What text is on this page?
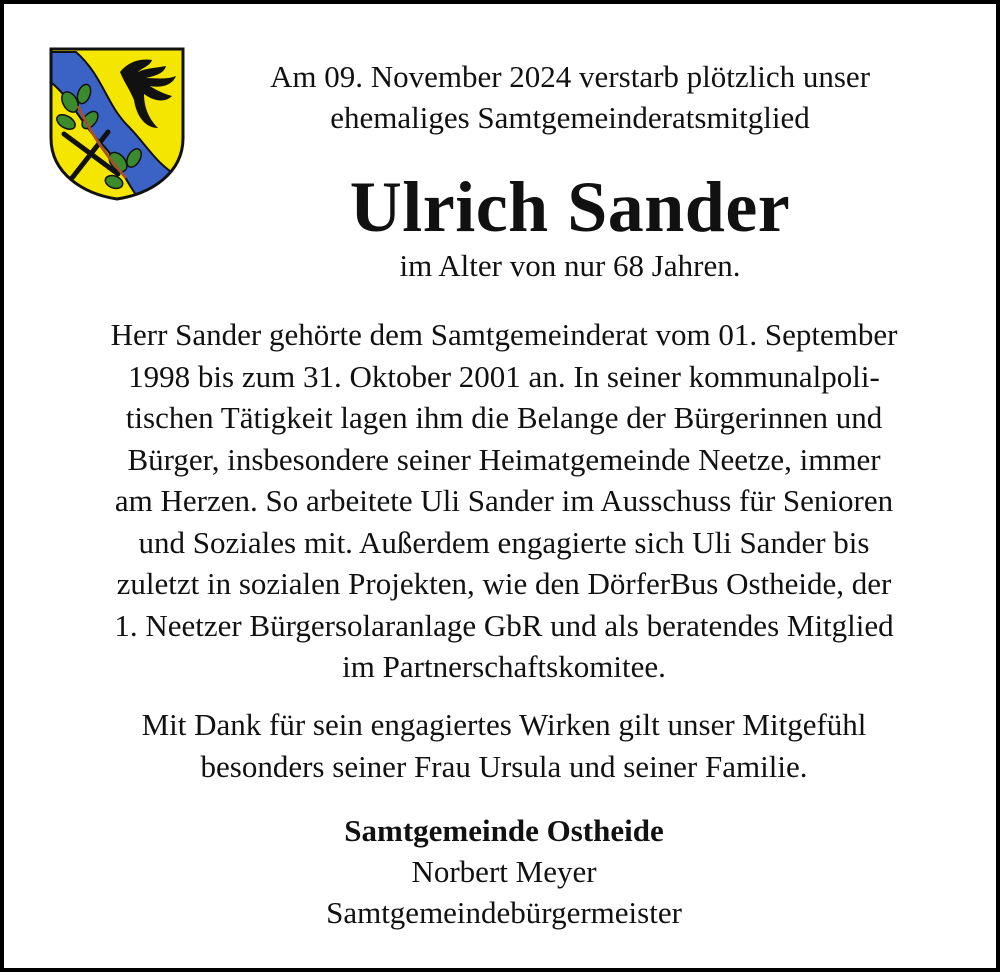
Am 09. November 2024 verstarb plötzlich unser
ehemaliges Samtgemeinderatsmitglied
Ulrich Sander
im Alter von nur 68 Jahren.
Herr Sander gehörte dem Samtgemeinderat vom 01. September
1998 bis zum 31. Oktober 2001 an. In seiner kommunalpoli-
tischen Tätigkeit lagen ihm die Belange der Bürgerinnen und
Bürger, insbesondere seiner Heimatgemeinde Neetze, immer
am Herzen. So arbeitete Uli Sander im Ausschuss für Senioren
und Soziales mit. Außerdem engagierte sich Uli Sander bis
zuletzt in sozialen Projekten, wie den DörferBus Ostheide, der
1. Neetzer Bürgersolaranlage GbR und als beratendes Mitglied
im Partnerschaftskomitee.
Mit Dank für sein engagiertes Wirken gilt unser Mitgefühl
besonders seiner Frau Ursula und seiner Familie.
Samtgemeinde Ostheide
Norbert Meyer
Samtgemeindebürgermeister
